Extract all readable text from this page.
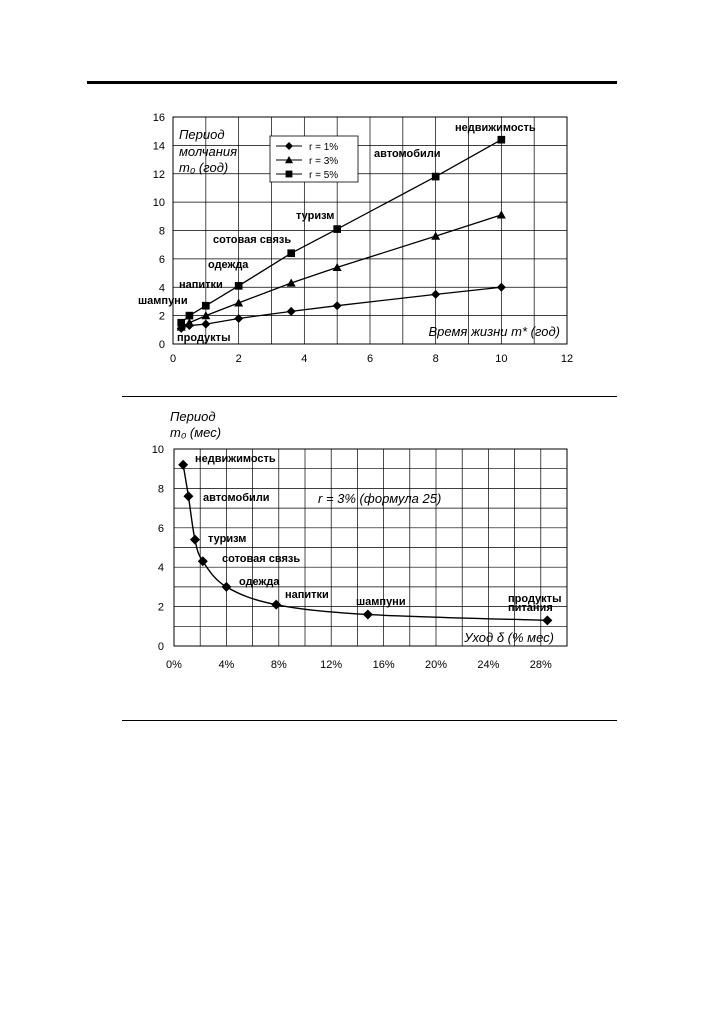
0	2	4	6	8	10	12
0
2
4
6
8
10
12
14
16
r = 1%
r = 3%
r = 5%
Период
молчания
m₀ (год)
Время жизни m* (год)
продукты
шампуни
напитки
одежда
сотовая связь
туризм
автомобили
недвижимость
0%	4%	8%	12%	16%	20%	24%	28%
0
2
4
6
8
10
Период
m₀ (мес)
Уход δ (% мес)
r = 3% (формула 25)
недвижимость
автомобили
туризм
сотовая связь
одежда
напитки
шампуни	продукты
питания
